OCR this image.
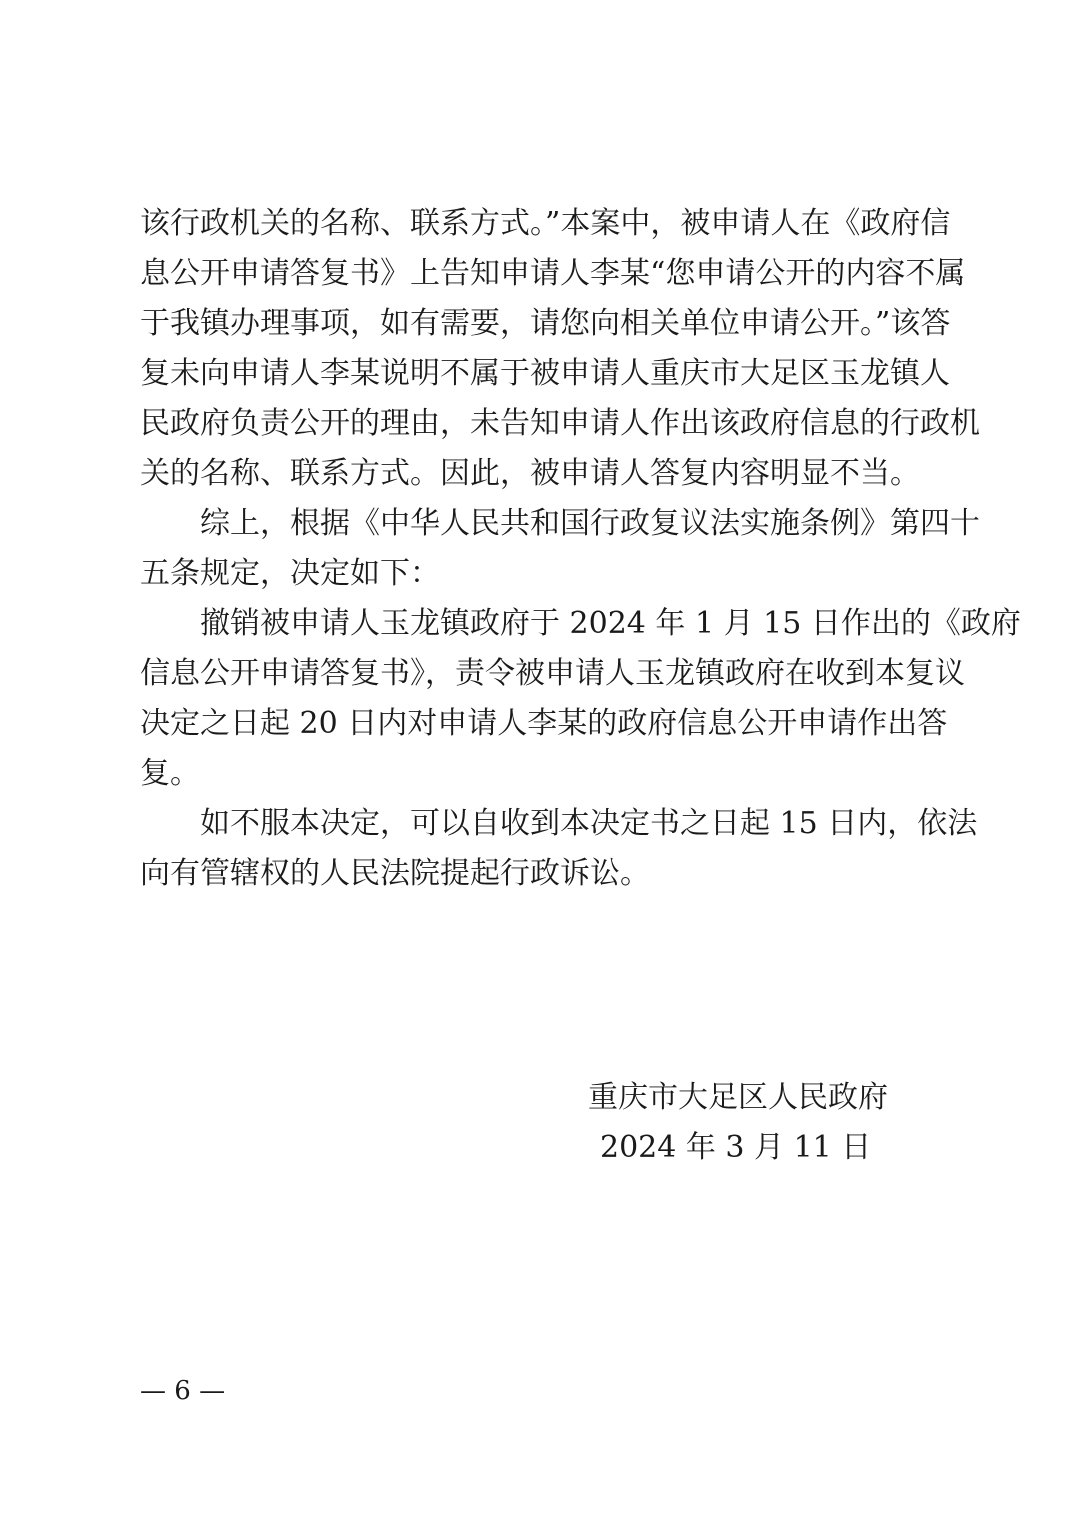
该行政机关的名称、联系方式。”本案中，被申请人在《政府信
息公开申请答复书》上告知申请人李某“您申请公开的内容不属
于我镇办理事项，如有需要，请您向相关单位申请公开。”该答
复未向申请人李某说明不属于被申请人重庆市大足区玉龙镇人
民政府负责公开的理由，未告知申请人作出该政府信息的行政机
关的名称、联系方式。因此，被申请人答复内容明显不当。
综上，根据《中华人民共和国行政复议法实施条例》第四十
五条规定，决定如下：
撤销被申请人玉龙镇政府于 2024 年 1 月 15 日作出的《政府
信息公开申请答复书》，责令被申请人玉龙镇政府在收到本复议
决定之日起 20 日内对申请人李某的政府信息公开申请作出答
复。
如不服本决定，可以自收到本决定书之日起 15 日内，依法
向有管辖权的人民法院提起行政诉讼。
重庆市大足区人民政府
2024 年 3 月 11 日
— 6 —
